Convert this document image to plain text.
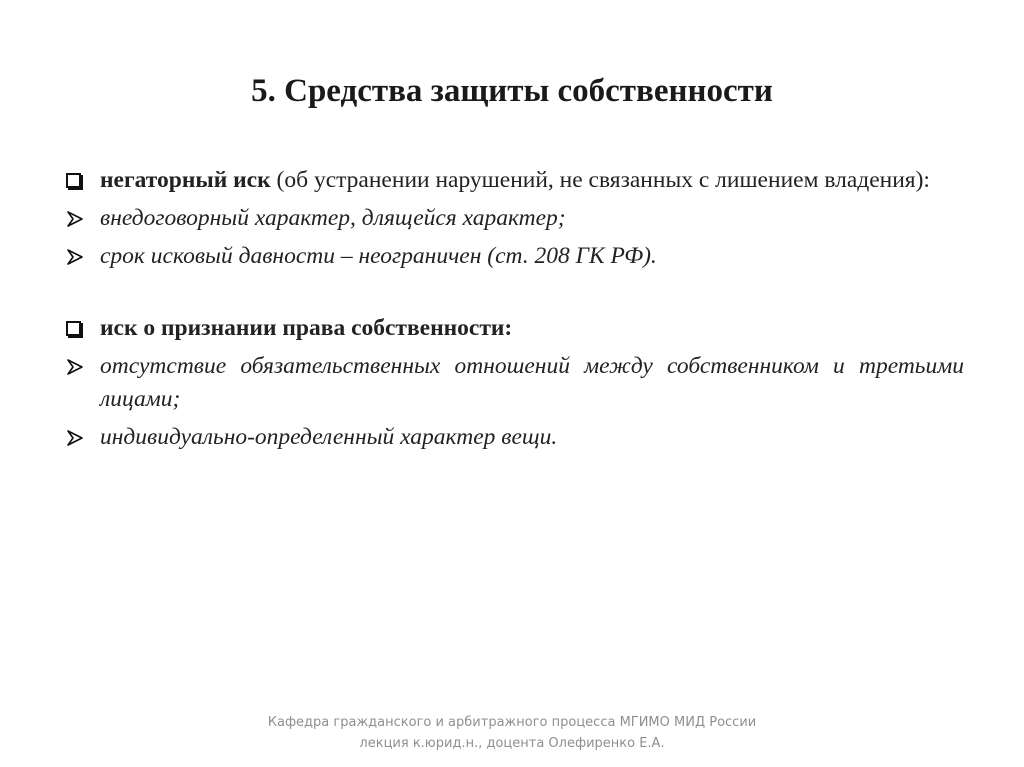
5. Средства защиты собственности
негаторный иск (об устранении нарушений, не связанных с лишением владения):
внедоговорный характер, длящейся характер;
срок исковый давности – неограничен (ст. 208 ГК РФ).
иск о признании права собственности:
отсутствие обязательственных отношений между собственником и третьими лицами;
индивидуально-определенный характер вещи.
Кафедра гражданского и арбитражного процесса МГИМО МИД России
лекция к.юрид.н., доцента Олефиренко Е.А.
